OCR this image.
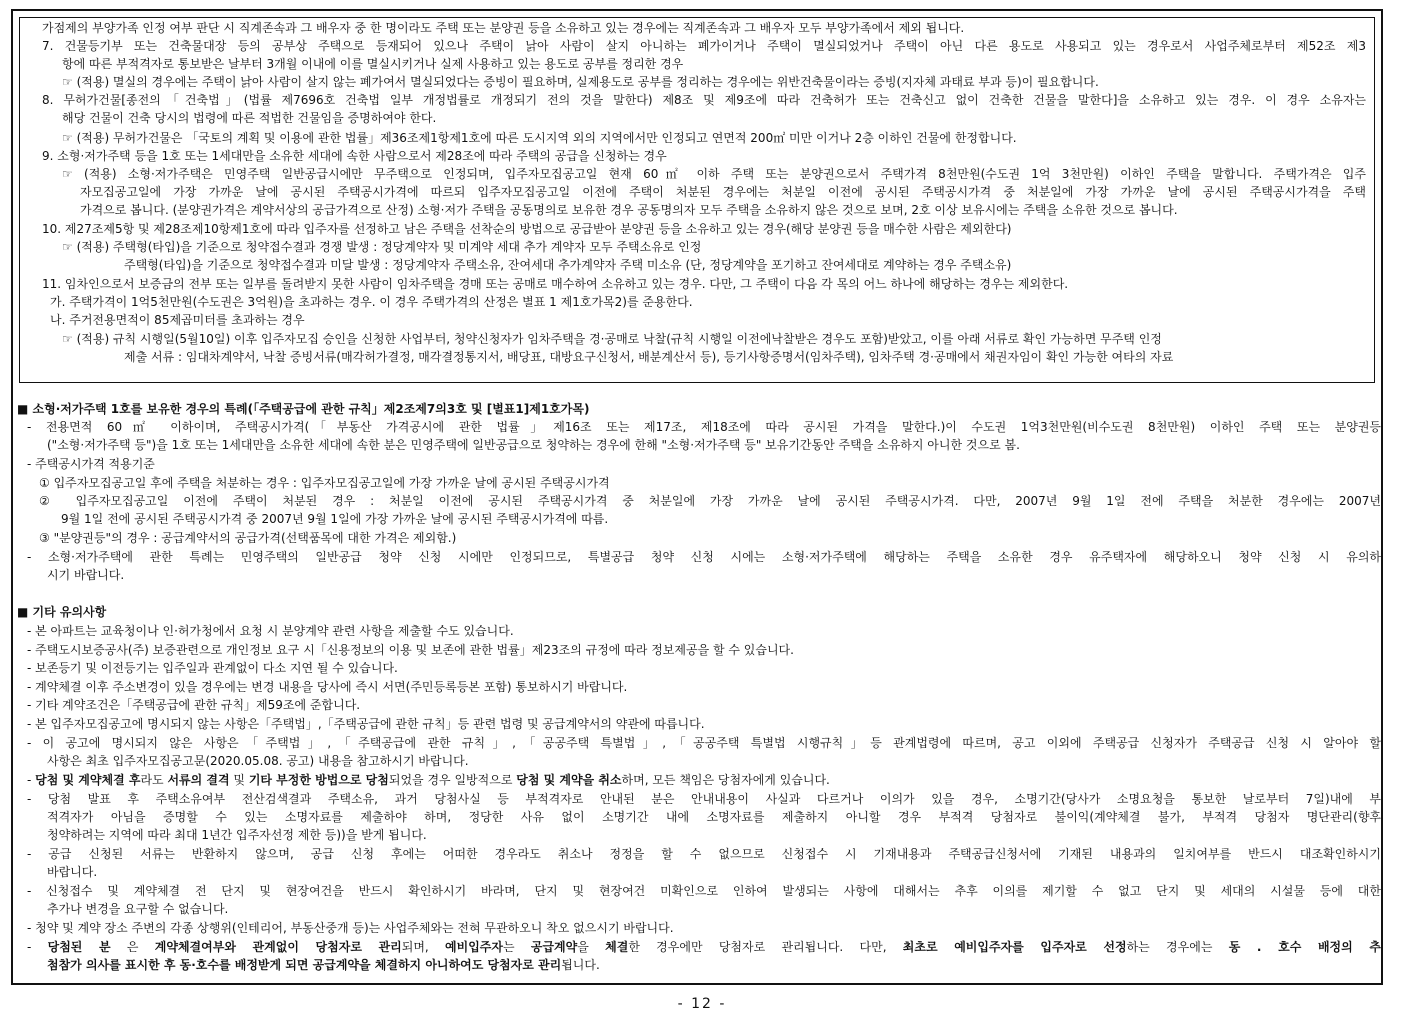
가점제의 부양가족 인정 여부 판단 시 직계존속과 그 배우자 중 한 명이라도 주택 또는 분양권 등을 소유하고 있는 경우에는 직계존속과 그 배우자 모두 부양가족에서 제외 됩니다.
7. 건물등기부 또는 건축물대장 등의 공부상 주택으로 등재되어 있으나 주택이 낡아 사람이 살지 아니하는 폐가이거나 주택이 멸실되었거나 주택이 아닌 다른 용도로 사용되고 있는 경우로서 사업주체로부터 제52조 제3
항에 따른 부적격자로 통보받은 날부터 3개월 이내에 이를 멸실시키거나 실제 사용하고 있는 용도로 공부를 정리한 경우
☞ (적용) 멸실의 경우에는 주택이 낡아 사람이 살지 않는 폐가여서 멸실되었다는 증빙이 필요하며, 실제용도로 공부를 정리하는 경우에는 위반건축물이라는 증빙(지자체 과태료 부과 등)이 필요합니다.
8. 무허가건물[종전의「건축법」(법률 제7696호 건축법 일부 개정법률로 개정되기 전의 것을 말한다) 제8조 및 제9조에 따라 건축허가 또는 건축신고 없이 건축한 건물을 말한다]을 소유하고 있는 경우. 이 경우 소유자는
해당 건물이 건축 당시의 법령에 따른 적법한 건물임을 증명하여야 한다.
☞ (적용) 무허가건물은 「국토의 계획 및 이용에 관한 법률」제36조제1항제1호에 따른 도시지역 외의 지역에서만 인정되고 연면적 200㎡ 미만 이거나 2층 이하인 건물에 한정합니다.
9. 소형·저가주택 등을 1호 또는 1세대만을 소유한 세대에 속한 사람으로서 제28조에 따라 주택의 공급을 신청하는 경우
☞ (적용) 소형·저가주택은 민영주택 일반공급시에만 무주택으로 인정되며, 입주자모집공고일 현재 60㎡ 이하 주택 또는 분양권으로서 주택가격 8천만원(수도권 1억 3천만원) 이하인 주택을 말합니다. 주택가격은 입주
자모집공고일에 가장 가까운 날에 공시된 주택공시가격에 따르되 입주자모집공고일 이전에 주택이 처분된 경우에는 처분일 이전에 공시된 주택공시가격 중 처분일에 가장 가까운 날에 공시된 주택공시가격을 주택
가격으로 봅니다. (분양권가격은 계약서상의 공급가격으로 산정) 소형·저가 주택을 공동명의로 보유한 경우 공동명의자 모두 주택을 소유하지 않은 것으로 보며, 2호 이상 보유시에는 주택을 소유한 것으로 봅니다.
10. 제27조제5항 및 제28조제10항제1호에 따라 입주자를 선정하고 남은 주택을 선착순의 방법으로 공급받아 분양권 등을 소유하고 있는 경우(해당 분양권 등을 매수한 사람은 제외한다)
☞ (적용) 주택형(타입)을 기준으로 청약접수결과 경쟁 발생 : 정당계약자 및 미계약 세대 추가 계약자 모두 주택소유로 인정
주택형(타입)을 기준으로 청약접수결과 미달 발생 : 정당계약자 주택소유, 잔여세대 추가계약자 주택 미소유 (단, 정당계약을 포기하고 잔여세대로 계약하는 경우 주택소유)
11. 임차인으로서 보증금의 전부 또는 일부를 돌려받지 못한 사람이 임차주택을 경매 또는 공매로 매수하여 소유하고 있는 경우. 다만, 그 주택이 다음 각 목의 어느 하나에 해당하는 경우는 제외한다.
가. 주택가격이 1억5천만원(수도권은 3억원)을 초과하는 경우. 이 경우 주택가격의 산정은 별표 1 제1호가목2)를 준용한다.
나. 주거전용면적이 85제곱미터를 초과하는 경우
☞ (적용) 규칙 시행일(5월10일) 이후 입주자모집 승인을 신청한 사업부터, 청약신청자가 임차주택을 경·공매로 낙찰(규칙 시행일 이전에낙찰받은 경우도 포함)받았고, 이를 아래 서류로 확인 가능하면 무주택 인정
제출 서류 : 임대차계약서, 낙찰 증빙서류(매각허가결정, 매각결정통지서, 배당표, 대방요구신청서, 배분계산서 등), 등기사항증명서(임차주택), 임차주택 경·공매에서 채권자임이 확인 가능한 여타의 자료
■ 소형·저가주택 1호를 보유한 경우의 특례(「주택공급에 관한 규칙」제2조제7의3호 및 [별표1]제1호가목)
- 전용면적 60㎡ 이하이며, 주택공시가격(「부동산 가격공시에 관한 법률」제16조 또는 제17조, 제18조에 따라 공시된 가격을 말한다.)이 수도권 1억3천만원(비수도권 8천만원) 이하인 주택 또는 분양권등
("소형·저가주택 등")을 1호 또는 1세대만을 소유한 세대에 속한 분은 민영주택에 일반공급으로 청약하는 경우에 한해 "소형·저가주택 등" 보유기간동안 주택을 소유하지 아니한 것으로 봄.
- 주택공시가격 적용기준
① 입주자모집공고일 후에 주택을 처분하는 경우 : 입주자모집공고일에 가장 가까운 날에 공시된 주택공시가격
② 입주자모집공고일 이전에 주택이 처분된 경우 : 처분일 이전에 공시된 주택공시가격 중 처분일에 가장 가까운 날에 공시된 주택공시가격. 다만, 2007년 9월 1일 전에 주택을 처분한 경우에는 2007년
9월 1일 전에 공시된 주택공시가격 중 2007년 9월 1일에 가장 가까운 날에 공시된 주택공시가격에 따름.
③ "분양권등"의 경우 : 공급계약서의 공급가격(선택품목에 대한 가격은 제외함.)
- 소형·저가주택에 관한 특례는 민영주택의 일반공급 청약 신청 시에만 인정되므로, 특별공급 청약 신청 시에는 소형·저가주택에 해당하는 주택을 소유한 경우 유주택자에 해당하오니 청약 신청 시 유의하
시기 바랍니다.
■ 기타 유의사항
- 본 아파트는 교육청이나 인·허가청에서 요청 시 분양계약 관련 사항을 제출할 수도 있습니다.
- 주택도시보증공사(주) 보증관련으로 개인정보 요구 시「신용정보의 이용 및 보존에 관한 법률」제23조의 규정에 따라 정보제공을 할 수 있습니다.
- 보존등기 및 이전등기는 입주일과 관계없이 다소 지연 될 수 있습니다.
- 계약체결 이후 주소변경이 있을 경우에는 변경 내용을 당사에 즉시 서면(주민등록등본 포함) 통보하시기 바랍니다.
- 기타 계약조건은「주택공급에 관한 규칙」제59조에 준합니다.
- 본 입주자모집공고에 명시되지 않는 사항은「주택법」,「주택공급에 관한 규칙」등 관련 법령 및 공급계약서의 약관에 따릅니다.
- 이 공고에 명시되지 않은 사항은「주택법」,「주택공급에 관한 규칙」,「공공주택 특별법」,「공공주택 특별법 시행규칙」등 관계법령에 따르며, 공고 이외에 주택공급 신청자가 주택공급 신청 시 알아야 할
사항은 최초 입주자모집공고문(2020.05.08. 공고) 내용을 참고하시기 바랍니다.
- 당첨 및 계약체결 후라도 서류의 결격 및 기타 부정한 방법으로 당첨되었을 경우 일방적으로 당첨 및 계약을 취소하며, 모든 책임은 당첨자에게 있습니다.
- 당첨 발표 후 주택소유여부 전산검색결과 주택소유, 과거 당첨사실 등 부적격자로 안내된 분은 안내내용이 사실과 다르거나 이의가 있을 경우, 소명기간(당사가 소명요청을 통보한 날로부터 7일)내에 부
적격자가 아님을 증명할 수 있는 소명자료를 제출하야 하며, 정당한 사유 없이 소명기간 내에 소명자료를 제출하지 아니할 경우 부적격 당첨자로 불이익(계약체결 불가, 부적격 당첨자 명단관리(향후
청약하려는 지역에 따라 최대 1년간 입주자선정 제한 등))을 받게 됩니다.
- 공급 신청된 서류는 반환하지 않으며, 공급 신청 후에는 어떠한 경우라도 취소나 정정을 할 수 없으므로 신청접수 시 기재내용과 주택공급신청서에 기재된 내용과의 일치여부를 반드시 대조확인하시기
바랍니다.
- 신청접수 및 계약체결 전 단지 및 현장여건을 반드시 확인하시기 바라며, 단지 및 현장여건 미확인으로 인하여 발생되는 사항에 대해서는 추후 이의를 제기할 수 없고 단지 및 세대의 시설물 등에 대한
추가나 변경을 요구할 수 없습니다.
- 청약 및 계약 장소 주변의 각종 상행위(인테리어, 부동산중개 등)는 사업주체와는 전혀 무관하오니 착오 없으시기 바랍니다.
- 당첨된 분 은 계약체결여부와 관계없이 당첨자로 관리되며, 예비입주자는 공급계약을 체결한 경우에만 당첨자로 관리됩니다. 다만, 최초로 예비입주자를 입주자로 선정하는 경우에는 동 . 호수 배정의 추
첨참가 의사를 표시한 후 동·호수를 배정받게 되면 공급계약을 체결하지 아니하여도 당첨자로 관리됩니다.
- 12 -
